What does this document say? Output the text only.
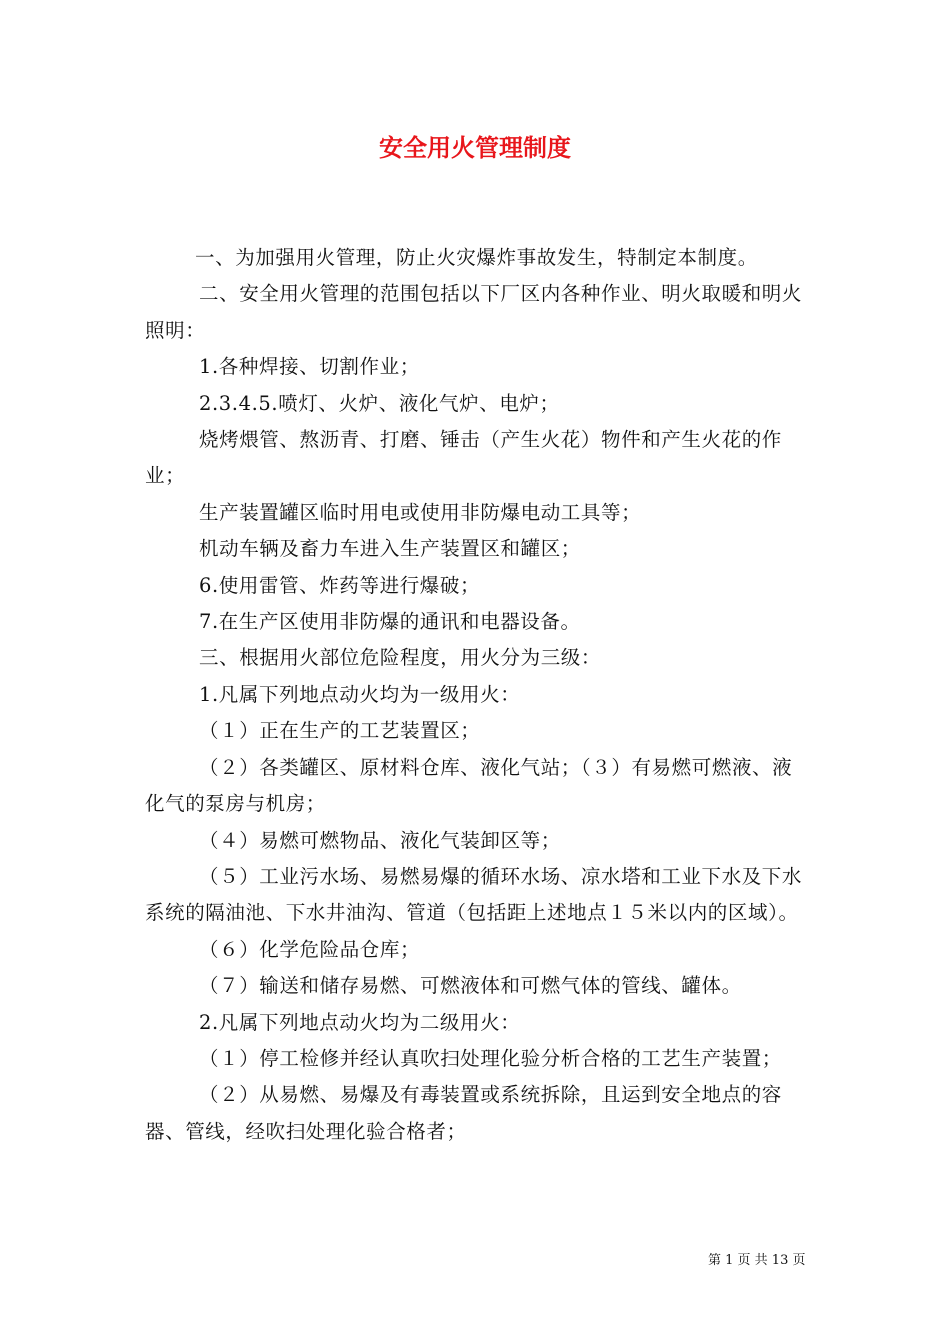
安全用火管理制度

一、为加强用火管理，防止火灾爆炸事故发生，特制定本制度。

二、安全用火管理的范围包括以下厂区内各种作业、明火取暖和明火照明：

1.各种焊接、切割作业；

2.3.4.5.喷灯、火炉、液化气炉、电炉；

烧烤煨管、熬沥青、打磨、锤击（产生火花）物件和产生火花的作业；

生产装置罐区临时用电或使用非防爆电动工具等；

机动车辆及畜力车进入生产装置区和罐区；

6.使用雷管、炸药等进行爆破；

7.在生产区使用非防爆的通讯和电器设备。

三、根据用火部位危险程度，用火分为三级：

1.凡属下列地点动火均为一级用火：

（１）正在生产的工艺装置区；

（２）各类罐区、原材料仓库、液化气站；（３）有易燃可燃液、液化气的泵房与机房；

（４）易燃可燃物品、液化气装卸区等；

（５）工业污水场、易燃易爆的循环水场、凉水塔和工业下水及下水系统的隔油池、下水井油沟、管道（包括距上述地点１５米以内的区域）。

（６）化学危险品仓库；

（７）输送和储存易燃、可燃液体和可燃气体的管线、罐体。

2.凡属下列地点动火均为二级用火：

（１）停工检修并经认真吹扫处理化验分析合格的工艺生产装置；

（２）从易燃、易爆及有毒装置或系统拆除，且运到安全地点的容器、管线，经吹扫处理化验合格者；

第 1 页 共 13 页
